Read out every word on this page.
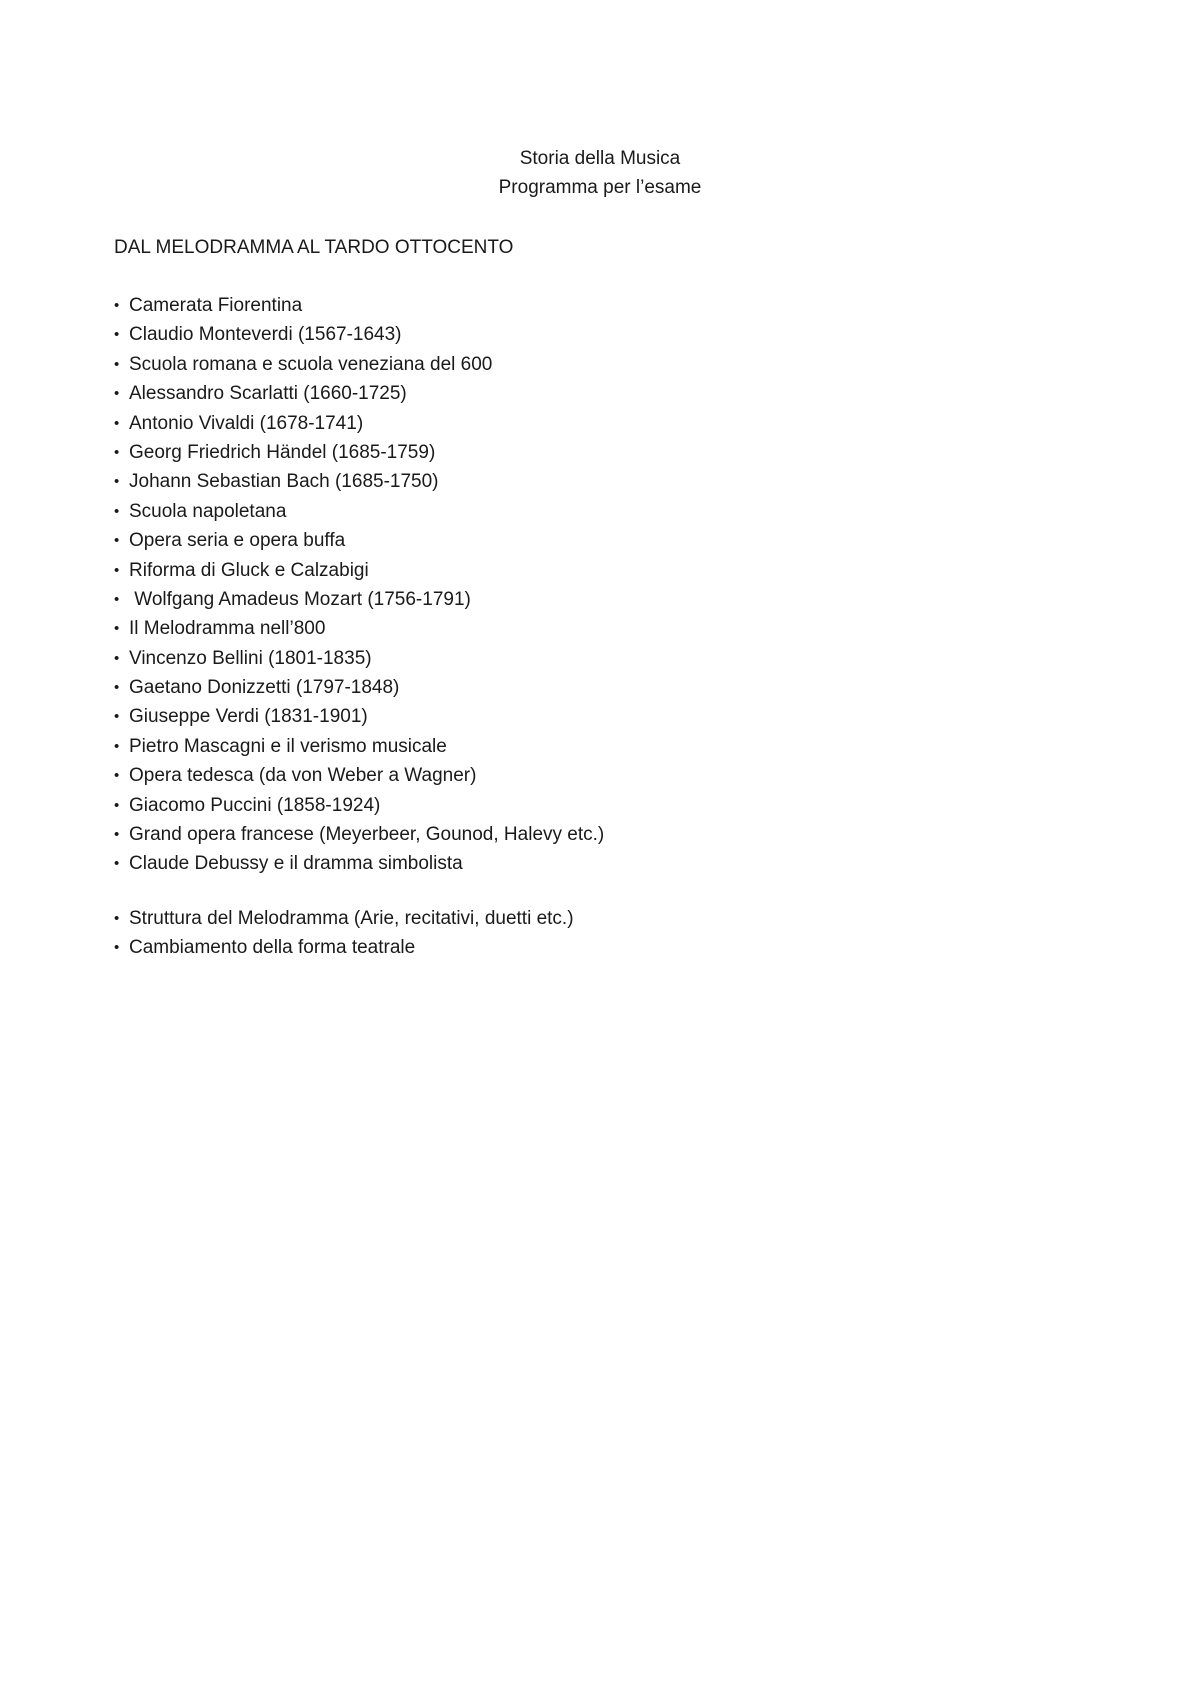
Storia della Musica
Programma per l’esame
DAL MELODRAMMA AL TARDO OTTOCENTO
• Camerata Fiorentina
• Claudio Monteverdi (1567-1643)
• Scuola romana e scuola veneziana del 600
• Alessandro Scarlatti (1660-1725)
• Antonio Vivaldi (1678-1741)
• Georg Friedrich Händel (1685-1759)
• Johann Sebastian Bach (1685-1750)
• Scuola napoletana
• Opera seria e opera buffa
• Riforma di Gluck e Calzabigi
• Wolfgang Amadeus Mozart (1756-1791)
• Il Melodramma nell’800
• Vincenzo Bellini (1801-1835)
• Gaetano Donizzetti (1797-1848)
• Giuseppe Verdi (1831-1901)
• Pietro Mascagni e il verismo musicale
• Opera tedesca (da von Weber a Wagner)
• Giacomo Puccini (1858-1924)
• Grand opera francese (Meyerbeer, Gounod, Halevy etc.)
• Claude Debussy e il dramma simbolista
• Struttura del Melodramma (Arie, recitativi, duetti etc.)
• Cambiamento della forma teatrale
